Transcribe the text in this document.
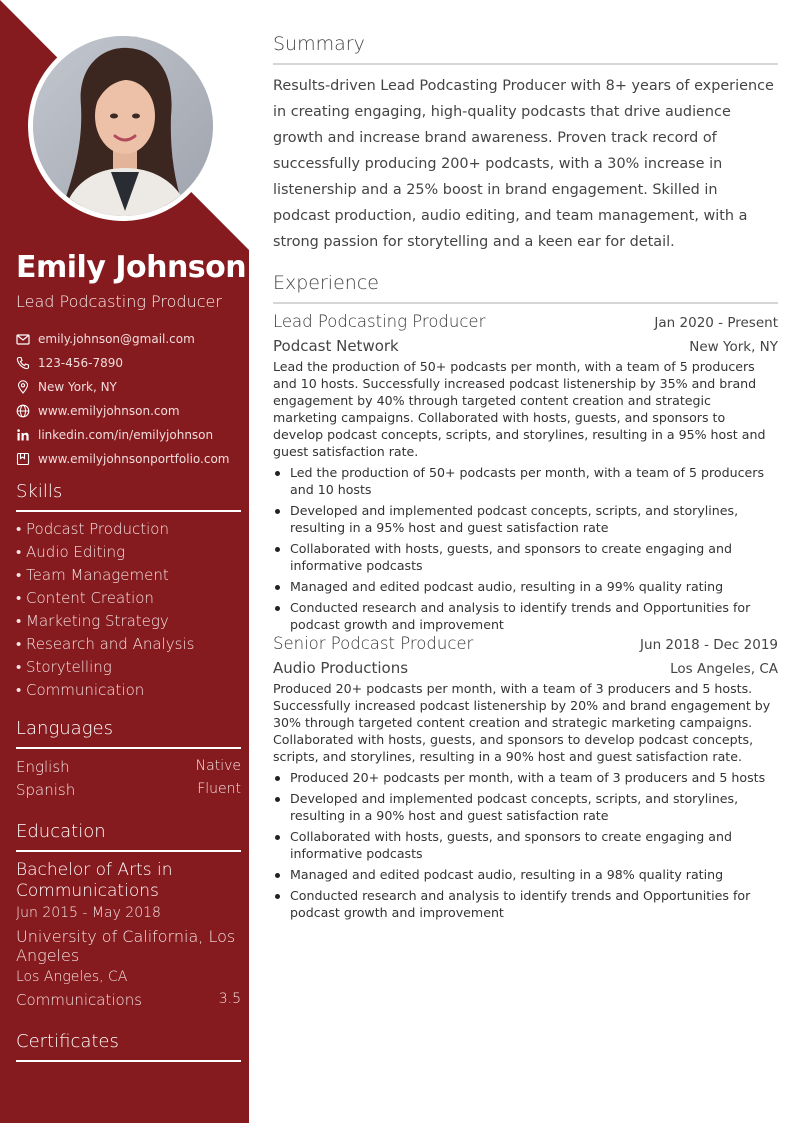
Emily Johnson
Lead Podcasting Producer
emily.johnson@gmail.com
123-456-7890
New York, NY
www.emilyjohnson.com
linkedin.com/in/emilyjohnson
www.emilyjohnsonportfolio.com
Skills
• Podcast Production
• Audio Editing
• Team Management
• Content Creation
• Marketing Strategy
• Research and Analysis
• Storytelling
• Communication
Languages
English	Native
Spanish	Fluent
Education
Bachelor of Arts in Communications
Jun 2015 - May 2018
University of California, Los Angeles
Los Angeles, CA
Communications	3.5
Certificates
Summary
Results-driven Lead Podcasting Producer with 8+ years of experience in creating engaging, high-quality podcasts that drive audience growth and increase brand awareness. Proven track record of successfully producing 200+ podcasts, with a 30% increase in listenership and a 25% boost in brand engagement. Skilled in podcast production, audio editing, and team management, with a strong passion for storytelling and a keen ear for detail.
Experience
Lead Podcasting Producer	Jan 2020 - Present
Podcast Network	New York, NY
Lead the production of 50+ podcasts per month, with a team of 5 producers and 10 hosts. Successfully increased podcast listenership by 35% and brand engagement by 40% through targeted content creation and strategic marketing campaigns. Collaborated with hosts, guests, and sponsors to develop podcast concepts, scripts, and storylines, resulting in a 95% host and guest satisfaction rate.
Led the production of 50+ podcasts per month, with a team of 5 producers and 10 hosts
Developed and implemented podcast concepts, scripts, and storylines, resulting in a 95% host and guest satisfaction rate
Collaborated with hosts, guests, and sponsors to create engaging and informative podcasts
Managed and edited podcast audio, resulting in a 99% quality rating
Conducted research and analysis to identify trends and Opportunities for podcast growth and improvement
Senior Podcast Producer	Jun 2018 - Dec 2019
Audio Productions	Los Angeles, CA
Produced 20+ podcasts per month, with a team of 3 producers and 5 hosts. Successfully increased podcast listenership by 20% and brand engagement by 30% through targeted content creation and strategic marketing campaigns. Collaborated with hosts, guests, and sponsors to develop podcast concepts, scripts, and storylines, resulting in a 90% host and guest satisfaction rate.
Produced 20+ podcasts per month, with a team of 3 producers and 5 hosts
Developed and implemented podcast concepts, scripts, and storylines, resulting in a 90% host and guest satisfaction rate
Collaborated with hosts, guests, and sponsors to create engaging and informative podcasts
Managed and edited podcast audio, resulting in a 98% quality rating
Conducted research and analysis to identify trends and Opportunities for podcast growth and improvement
